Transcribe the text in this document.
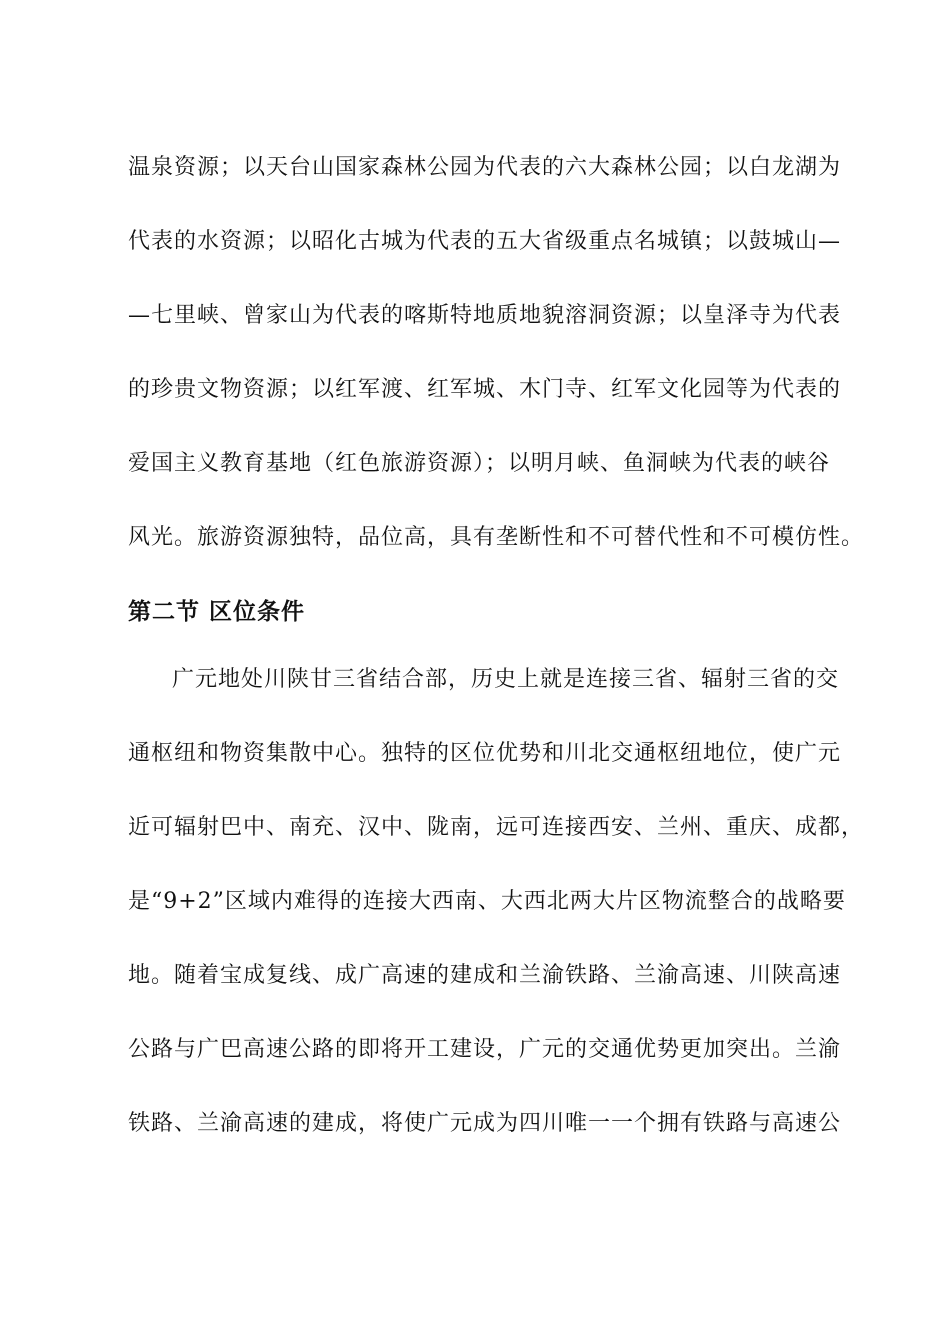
温泉资源；以天台山国家森林公园为代表的六大森林公园；以白龙湖为
代表的水资源；以昭化古城为代表的五大省级重点名城镇；以鼓城山—
—七里峡、曾家山为代表的喀斯特地质地貌溶洞资源；以皇泽寺为代表
的珍贵文物资源；以红军渡、红军城、木门寺、红军文化园等为代表的
爱国主义教育基地（红色旅游资源）；以明月峡、鱼洞峡为代表的峡谷
风光。旅游资源独特，品位高，具有垄断性和不可替代性和不可模仿性。
第二节 区位条件
广元地处川陕甘三省结合部，历史上就是连接三省、辐射三省的交
通枢纽和物资集散中心。独特的区位优势和川北交通枢纽地位，使广元
近可辐射巴中、南充、汉中、陇南，远可连接西安、兰州、重庆、成都，
是“9+2”区域内难得的连接大西南、大西北两大片区物流整合的战略要
地。随着宝成复线、成广高速的建成和兰渝铁路、兰渝高速、川陕高速
公路与广巴高速公路的即将开工建设，广元的交通优势更加突出。兰渝
铁路、兰渝高速的建成，将使广元成为四川唯一一个拥有铁路与高速公
